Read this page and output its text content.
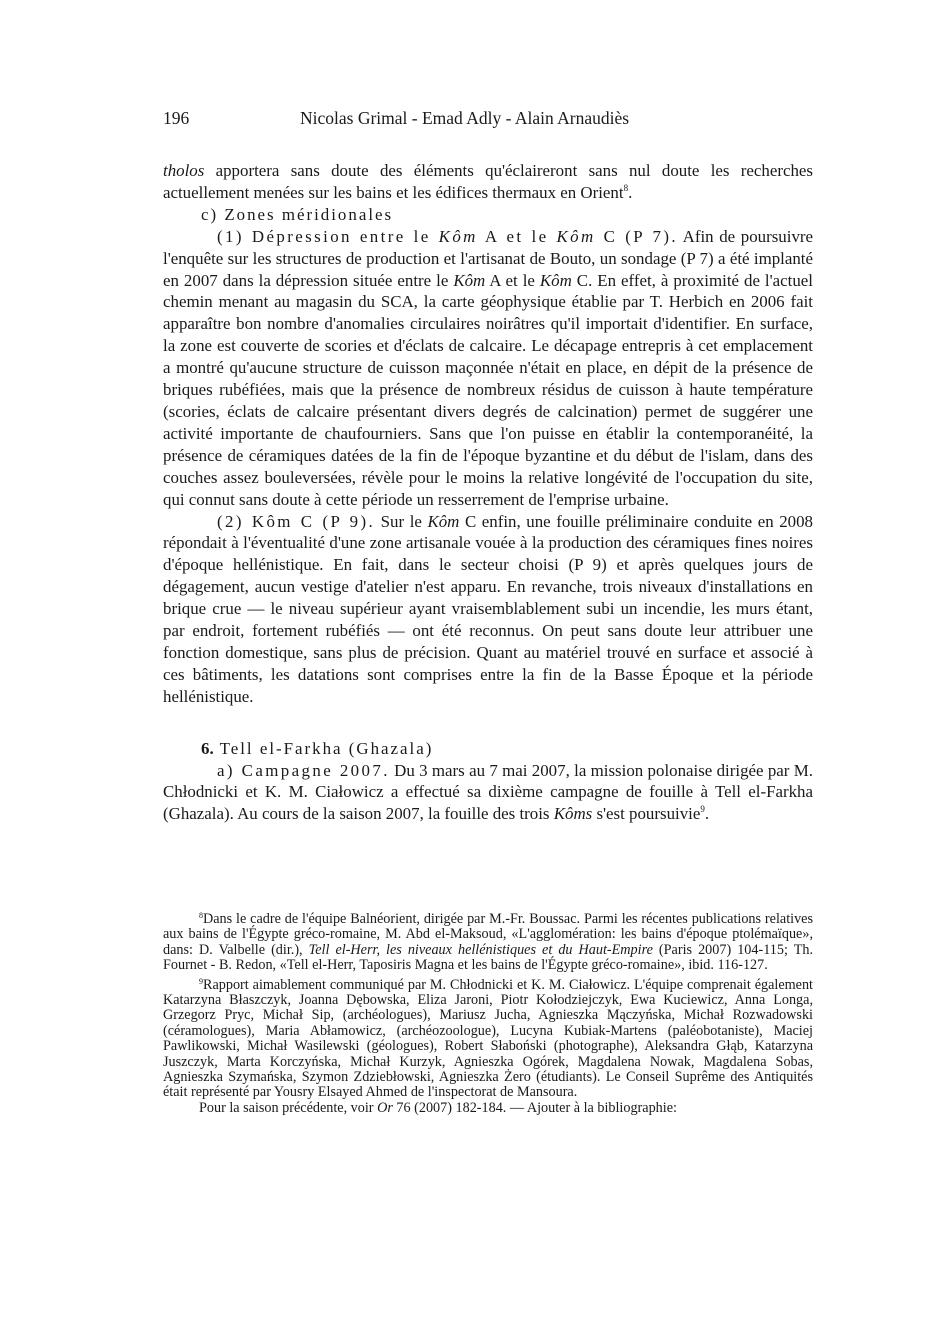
196	Nicolas Grimal - Emad Adly - Alain Arnaudiès

tholos apportera sans doute des éléments qu'éclaireront sans nul doute les recherches actuellement menées sur les bains et les édifices thermaux en Orient$^8$.

c) Zones méridionales

(1) Dépression entre le Kôm A et le Kôm C (P 7). Afin de poursuivre l'enquête sur les structures de production et l'artisanat de Bouto, un sondage (P 7) a été implanté en 2007 dans la dépression située entre le Kôm A et le Kôm C. En effet, à proximité de l'actuel chemin menant au magasin du SCA, la carte géophysique établie par T. Herbich en 2006 fait apparaître bon nombre d'anomalies circulaires noirâtres qu'il importait d'identifier. En surface, la zone est couverte de scories et d'éclats de calcaire. Le décapage entrepris à cet emplacement a montré qu'aucune structure de cuisson maçonnée n'était en place, en dépit de la présence de briques rubéfiées, mais que la présence de nombreux résidus de cuisson à haute température (scories, éclats de calcaire présentant divers degrés de calcination) permet de suggérer une activité importante de chaufourniers. Sans que l'on puisse en établir la contemporanéité, la présence de céramiques datées de la fin de l'époque byzantine et du début de l'islam, dans des couches assez bouleversées, révèle pour le moins la relative longévité de l'occupation du site, qui connut sans doute à cette période un resserrement de l'emprise urbaine.

(2) Kôm C (P 9). Sur le Kôm C enfin, une fouille préliminaire conduite en 2008 répondait à l'éventualité d'une zone artisanale vouée à la production des céramiques fines noires d'époque hellénistique. En fait, dans le secteur choisi (P 9) et après quelques jours de dégagement, aucun vestige d'atelier n'est apparu. En revanche, trois niveaux d'installations en brique crue — le niveau supérieur ayant vraisemblablement subi un incendie, les murs étant, par endroit, fortement rubéfiés — ont été reconnus. On peut sans doute leur attribuer une fonction domestique, sans plus de précision. Quant au matériel trouvé en surface et associé à ces bâtiments, les datations sont comprises entre la fin de la Basse Époque et la période hellénistique.

6. Tell el-Farkha (Ghazala)

a) Campagne 2007. Du 3 mars au 7 mai 2007, la mission polonaise dirigée par M. Chłodnicki et K. M. Ciałowicz a effectué sa dixième campagne de fouille à Tell el-Farkha (Ghazala). Au cours de la saison 2007, la fouille des trois Kôms s'est poursuivie$^9$.

$^8$Dans le cadre de l'équipe Balnéorient, dirigée par M.-Fr. Boussac. Parmi les récentes publications relatives aux bains de l'Égypte gréco-romaine, M. Abd el-Maksoud, «L'agglomération: les bains d'époque ptolémaïque», dans: D. Valbelle (dir.), Tell el-Herr, les niveaux hellénistiques et du Haut-Empire (Paris 2007) 104-115; Th. Fournet - B. Redon, «Tell el-Herr, Taposiris Magna et les bains de l'Égypte gréco-romaine», ibid. 116-127.

$^9$Rapport aimablement communiqué par M. Chłodnicki et K. M. Ciałowicz. L'équipe comprenait également Katarzyna Błaszczyk, Joanna Dębowska, Eliza Jaroni, Piotr Kołodziejczyk, Ewa Kuciewicz, Anna Longa, Grzegorz Pryc, Michał Sip, (archéologues), Mariusz Jucha, Agnieszka Mączyńska, Michał Rozwadowski (céramologues), Maria Abłamowicz, (archéozoologue), Lucyna Kubiak-Martens (paléobotaniste), Maciej Pawlikowski, Michał Wasilewski (géologues), Robert Słaboński (photographe), Aleksandra Głąb, Katarzyna Juszczyk, Marta Korczyńska, Michał Kurzyk, Agnieszka Ogórek, Magdalena Nowak, Magdalena Sobas, Agnieszka Szymańska, Szymon Zdziebłowski, Agnieszka Żero (étudiants). Le Conseil Suprême des Antiquités était représenté par Yousry Elsayed Ahmed de l'inspectorat de Mansoura.

Pour la saison précédente, voir Or 76 (2007) 182-184. — Ajouter à la bibliographie:
